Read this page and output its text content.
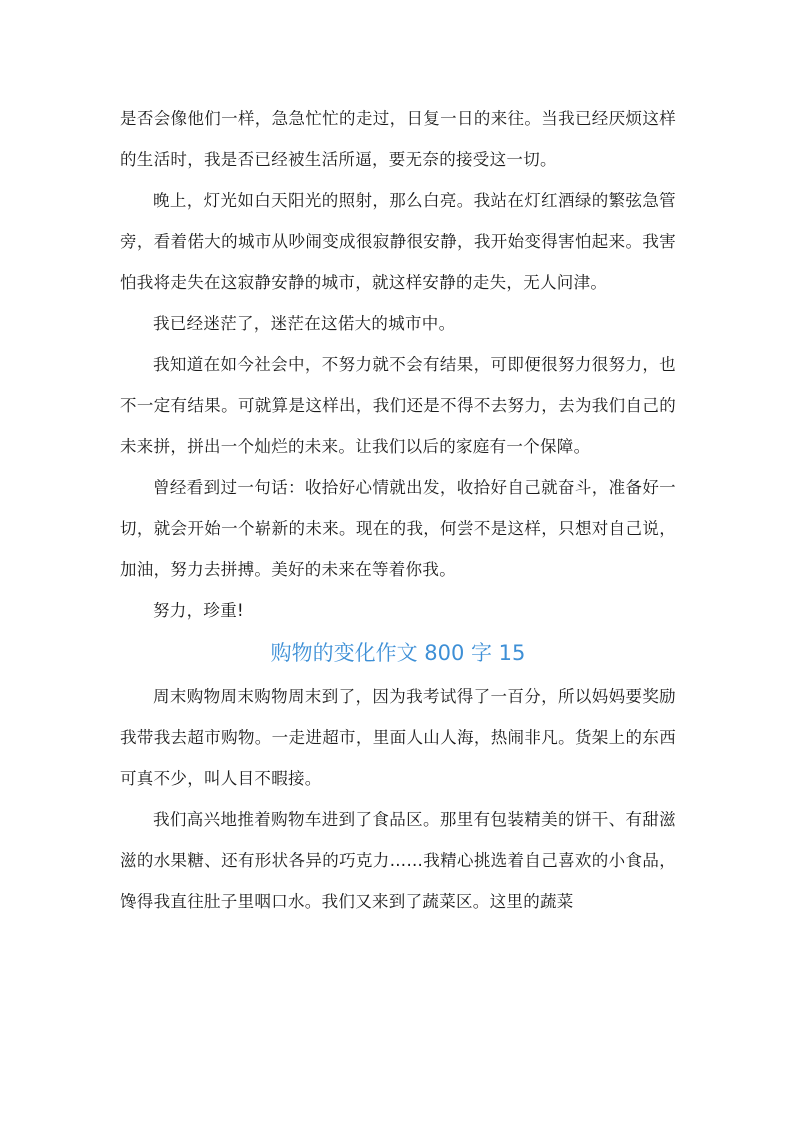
是否会像他们一样，急急忙忙的走过，日复一日的来往。当我已经厌烦这样的生活时，我是否已经被生活所逼，要无奈的接受这一切。

晚上，灯光如白天阳光的照射，那么白亮。我站在灯红酒绿的繁弦急管旁，看着偌大的城市从吵闹变成很寂静很安静，我开始变得害怕起来。我害怕我将走失在这寂静安静的城市，就这样安静的走失，无人问津。

我已经迷茫了，迷茫在这偌大的城市中。

我知道在如今社会中，不努力就不会有结果，可即便很努力很努力，也不一定有结果。可就算是这样出，我们还是不得不去努力，去为我们自己的未来拼，拼出一个灿烂的未来。让我们以后的家庭有一个保障。

曾经看到过一句话：收拾好心情就出发，收拾好自己就奋斗，准备好一切，就会开始一个崭新的未来。现在的我，何尝不是这样，只想对自己说，加油，努力去拼搏。美好的未来在等着你我。

努力，珍重!

购物的变化作文 800 字 15

周末购物周末购物周末到了，因为我考试得了一百分，所以妈妈要奖励我带我去超市购物。一走进超市，里面人山人海，热闹非凡。货架上的东西可真不少，叫人目不暇接。

我们高兴地推着购物车进到了食品区。那里有包装精美的饼干、有甜滋滋的水果糖、还有形状各异的巧克力……我精心挑选着自己喜欢的小食品，馋得我直往肚子里咽口水。我们又来到了蔬菜区。这里的蔬菜
